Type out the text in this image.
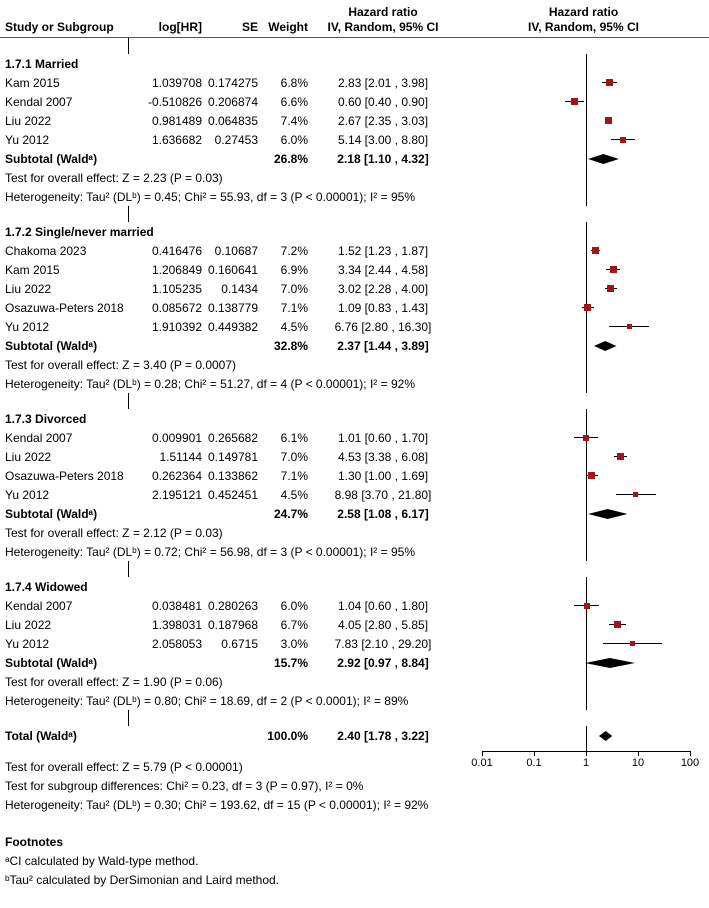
Study or Subgroup	log[HR]	SE Weight
Hazard ratio
IV, Random, 95% CI
Hazard ratio
IV, Random, 95% CI
1.7.1 Married
Kam 2015	1.039708 0.174275	6.8%	2.83 [2.01 , 3.98]
Kendal 2007	-0.510826 0.206874	6.6%	0.60 [0.40 , 0.90]
Liu 2022	0.981489 0.064835	7.4%	2.67 [2.35 , 3.03]
Yu 2012	1.636682	0.27453	6.0%	5.14 [3.00 , 8.80]
Subtotal (Waldᵃ)	26.8%	2.18 [1.10 , 4.32]
Test for overall effect: Z = 2.23 (P = 0.03)
Heterogeneity: Tau² (DLᵇ) = 0.45; Chi² = 55.93, df = 3 (P < 0.00001); I² = 95%
1.7.2 Single/never married
Chakoma 2023	0.416476	0.10687	7.2%	1.52 [1.23 , 1.87]
Kam 2015	1.206849 0.160641	6.9%	3.34 [2.44 , 4.58]
Liu 2022	1.105235	0.1434	7.0%	3.02 [2.28 , 4.00]
Osazuwa-Peters 2018	0.085672 0.138779	7.1%	1.09 [0.83 , 1.43]
Yu 2012	1.910392 0.449382	4.5%	6.76 [2.80 , 16.30]
Subtotal (Waldᵃ)	32.8%	2.37 [1.44 , 3.89]
Test for overall effect: Z = 3.40 (P = 0.0007)
Heterogeneity: Tau² (DLᵇ) = 0.28; Chi² = 51.27, df = 4 (P < 0.00001); I² = 92%
1.7.3 Divorced
Kendal 2007	0.009901 0.265682	6.1%	1.01 [0.60 , 1.70]
Liu 2022	1.51144 0.149781	7.0%	4.53 [3.38 , 6.08]
Osazuwa-Peters 2018	0.262364 0.133862	7.1%	1.30 [1.00 , 1.69]
Yu 2012	2.195121 0.452451	4.5%	8.98 [3.70 , 21.80]
Subtotal (Waldᵃ)	24.7%	2.58 [1.08 , 6.17]
Test for overall effect: Z = 2.12 (P = 0.03)
Heterogeneity: Tau² (DLᵇ) = 0.72; Chi² = 56.98, df = 3 (P < 0.00001); I² = 95%
1.7.4 Widowed
Kendal 2007	0.038481 0.280263	6.0%	1.04 [0.60 , 1.80]
Liu 2022	1.398031 0.187968	6.7%	4.05 [2.80 , 5.85]
Yu 2012	2.058053	0.6715	3.0%	7.83 [2.10 , 29.20]
Subtotal (Waldᵃ)	15.7%	2.92 [0.97 , 8.84]
Test for overall effect: Z = 1.90 (P = 0.06)
Heterogeneity: Tau² (DLᵇ) = 0.80; Chi² = 18.69, df = 2 (P < 0.0001); I² = 89%
Total (Waldᵃ)	100.0%	2.40 [1.78 , 3.22]
0.01	0.1	1	10	100
Test for overall effect: Z = 5.79 (P < 0.00001)
Test for subgroup differences: Chi² = 0.23, df = 3 (P = 0.97), I² = 0%
Heterogeneity: Tau² (DLᵇ) = 0.30; Chi² = 193.62, df = 15 (P < 0.00001); I² = 92%
Footnotes
ᵃCI calculated by Wald-type method.
ᵇTau² calculated by DerSimonian and Laird method.
